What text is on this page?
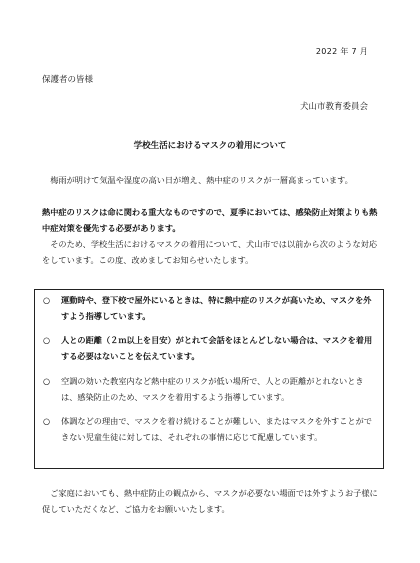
2022 年 7 月
保護者の皆様
犬山市教育委員会
学校生活におけるマスクの着用について
　梅雨が明けて気温や湿度の高い日が増え、熱中症のリスクが一層高まっています。
熱中症のリスクは命に関わる重大なものですので、夏季においては、感染防止対策よりも熱中症対策を優先する必要があります。
　そのため、学校生活におけるマスクの着用について、犬山市では以前から次のような対応をしています。この度、改めましてお知らせいたします。
○	運動時や、登下校で屋外にいるときは、特に熱中症のリスクが高いため、マスクを外すよう指導しています。
○	人との距離（２ｍ以上を目安）がとれて会話をほとんどしない場合は、マスクを着用する必要はないことを伝えています。
○	空調の効いた教室内など熱中症のリスクが低い場所で、人との距離がとれないときは、感染防止のため、マスクを着用するよう指導しています。
○	体調などの理由で、マスクを着け続けることが難しい、またはマスクを外すことができない児童生徒に対しては、それぞれの事情に応じて配慮しています。
　ご家庭においても、熱中症防止の観点から、マスクが必要ない場面では外すようお子様に促していただくなど、ご協力をお願いいたします。
